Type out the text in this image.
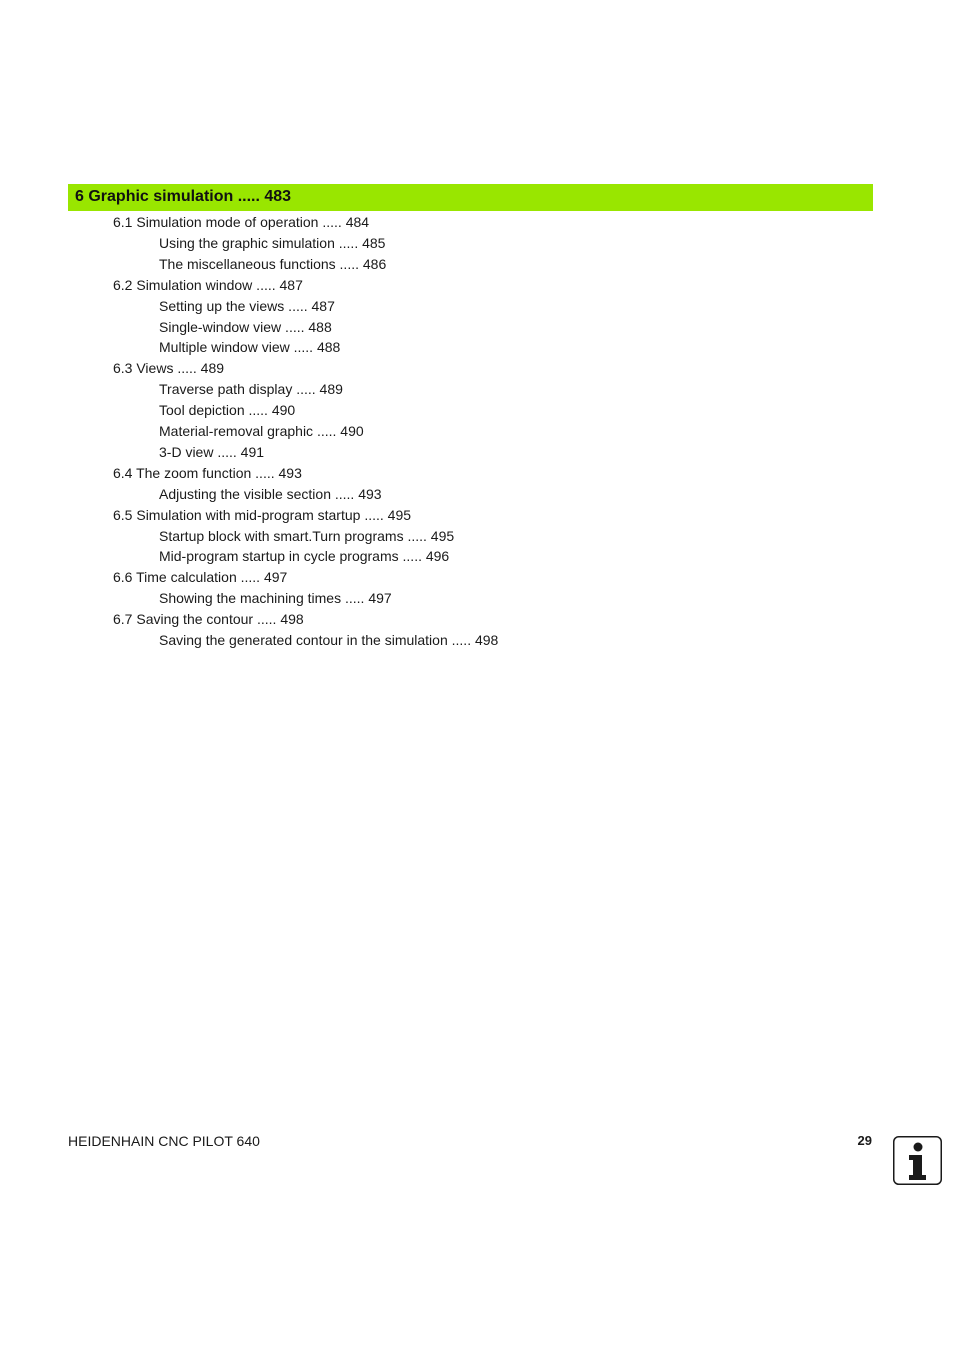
6 Graphic simulation ..... 483
6.1 Simulation mode of operation ..... 484
Using the graphic simulation ..... 485
The miscellaneous functions ..... 486
6.2 Simulation window ..... 487
Setting up the views ..... 487
Single-window view ..... 488
Multiple window view ..... 488
6.3 Views ..... 489
Traverse path display ..... 489
Tool depiction ..... 490
Material-removal graphic ..... 490
3-D view ..... 491
6.4 The zoom function ..... 493
Adjusting the visible section ..... 493
6.5 Simulation with mid-program startup ..... 495
Startup block with smart.Turn programs ..... 495
Mid-program startup in cycle programs ..... 496
6.6 Time calculation ..... 497
Showing the machining times ..... 497
6.7 Saving the contour ..... 498
Saving the generated contour in the simulation ..... 498
HEIDENHAIN CNC PILOT 640	29
